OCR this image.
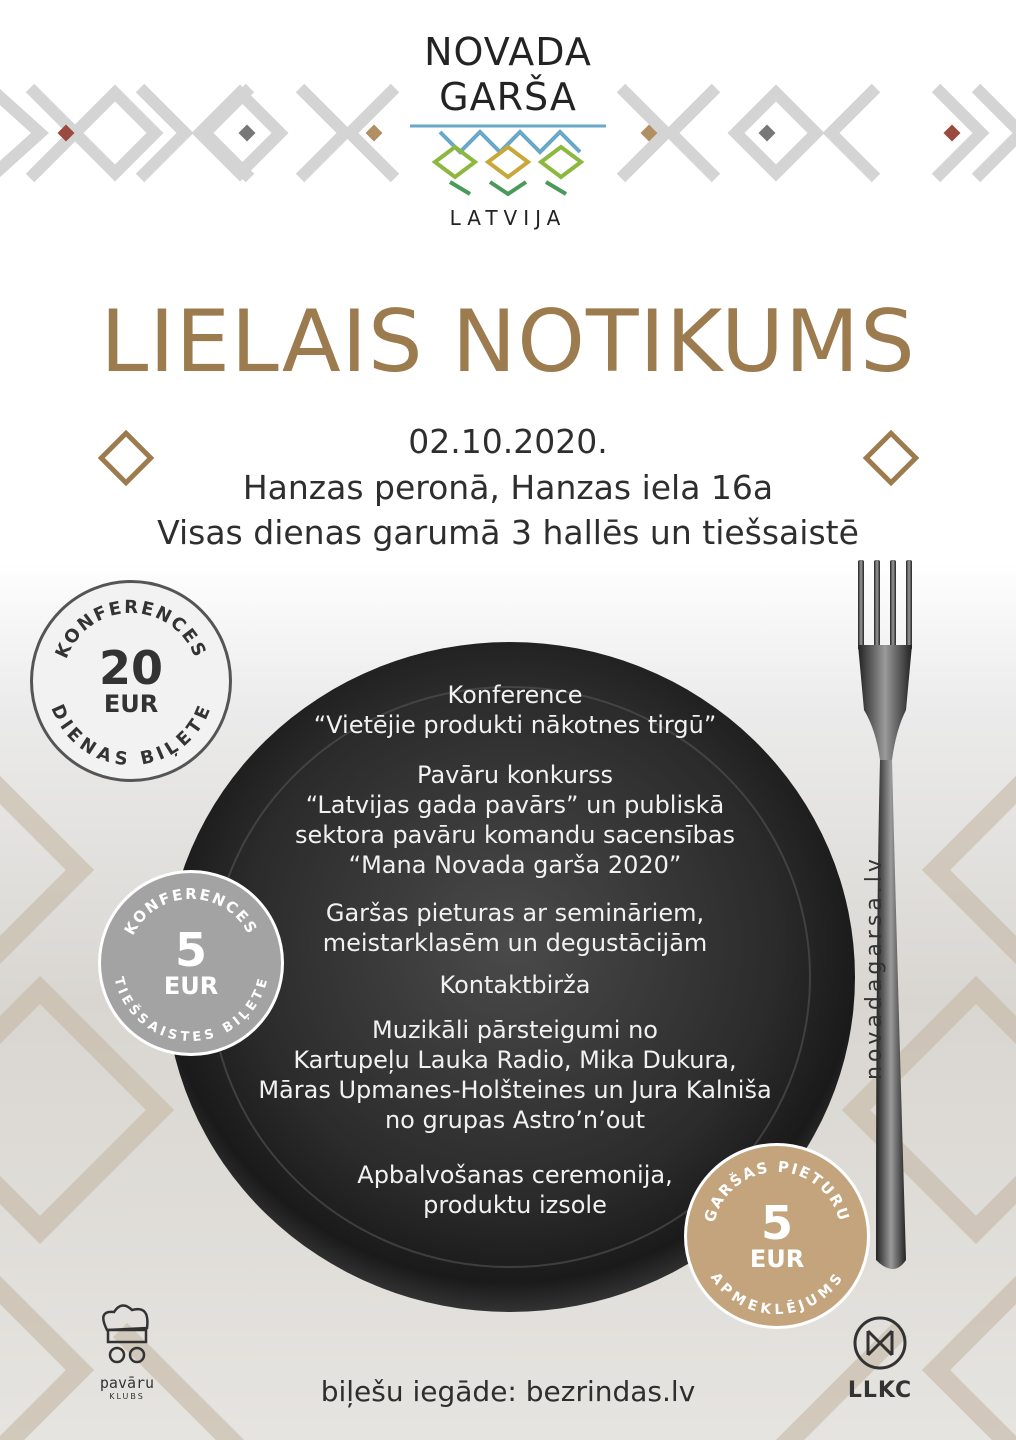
NOVADA
GARŠA
LATVIJA
LIELAIS NOTIKUMS
02.10.2020.
Hanzas peronā, Hanzas iela 16a
Visas dienas garumā 3 hallēs un tiešsaistē
Konference
“Vietējie produkti nākotnes tirgū”
Pavāru konkurss
“Latvijas gada pavārs” un publiskā
sektora pavāru komandu sacensības
“Mana Novada garša 2020”
Garšas pieturas ar semināriem,
meistarklasēm un degustācijām
Kontaktbirža
Muzikāli pārsteigumi no
Kartupeļu Lauka Radio, Mika Dukura,
Māras Upmanes-Holšteines un Jura Kalniša
no grupas Astro’n’out
Apbalvošanas ceremonija,
produktu izsole
novadagarsa.lv
KONFERENCES
DIENAS BIĻETE
20
EUR
KONFERENCES
TIEŠSAISTES BIĻETE
5
EUR
GARŠAS PIETURU
APMEKLĒJUMS
5
EUR
pavāru
KLUBS	LLKC
biļešu iegāde: bezrindas.lv
